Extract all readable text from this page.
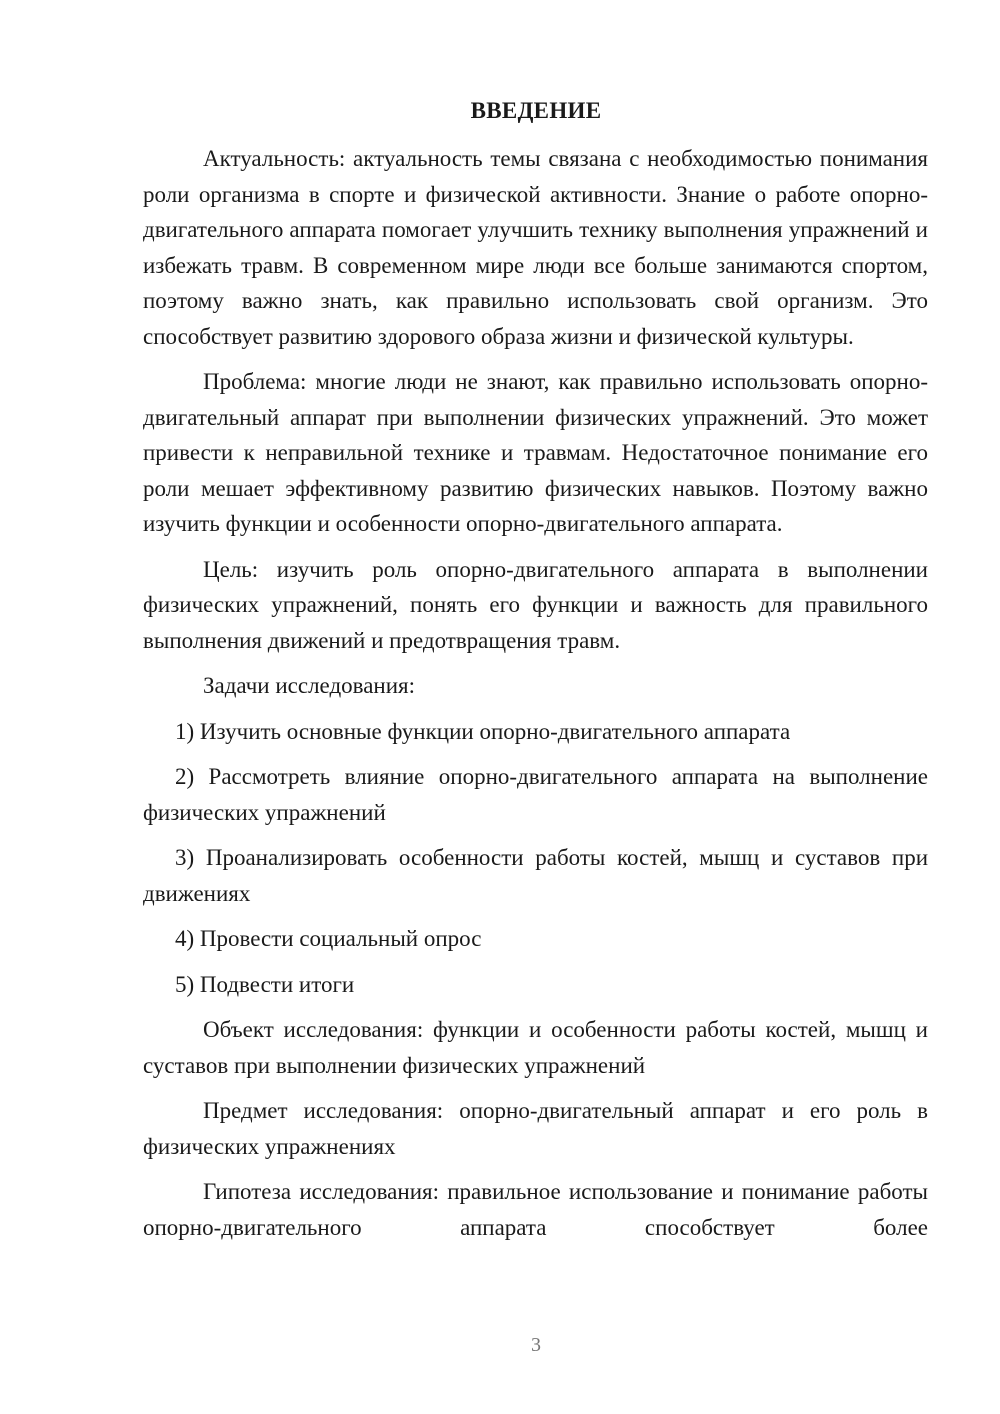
ВВЕДЕНИЕ

Актуальность: актуальность темы связана с необходимостью понимания роли организма в спорте и физической активности. Знание о работе опорно-двигательного аппарата помогает улучшить технику выполнения упражнений и избежать травм. В современном мире люди все больше занимаются спортом, поэтому важно знать, как правильно использовать свой организм. Это способствует развитию здорового образа жизни и физической культуры.

Проблема: многие люди не знают, как правильно использовать опорно-двигательный аппарат при выполнении физических упражнений. Это может привести к неправильной технике и травмам. Недостаточное понимание его роли мешает эффективному развитию физических навыков. Поэтому важно изучить функции и особенности опорно-двигательного аппарата.

Цель: изучить роль опорно-двигательного аппарата в выполнении физических упражнений, понять его функции и важность для правильного выполнения движений и предотвращения травм.

Задачи исследования:

1) Изучить основные функции опорно-двигательного аппарата

2) Рассмотреть влияние опорно-двигательного аппарата на выполнение физических упражнений

3) Проанализировать особенности работы костей, мышц и суставов при движениях

4) Провести социальный опрос

5) Подвести итоги

Объект исследования: функции и особенности работы костей, мышц и суставов при выполнении физических упражнений

Предмет исследования: опорно-двигательный аппарат и его роль в физических упражнениях

Гипотеза исследования: правильное использование и понимание работы опорно-двигательного аппарата способствует более

3
